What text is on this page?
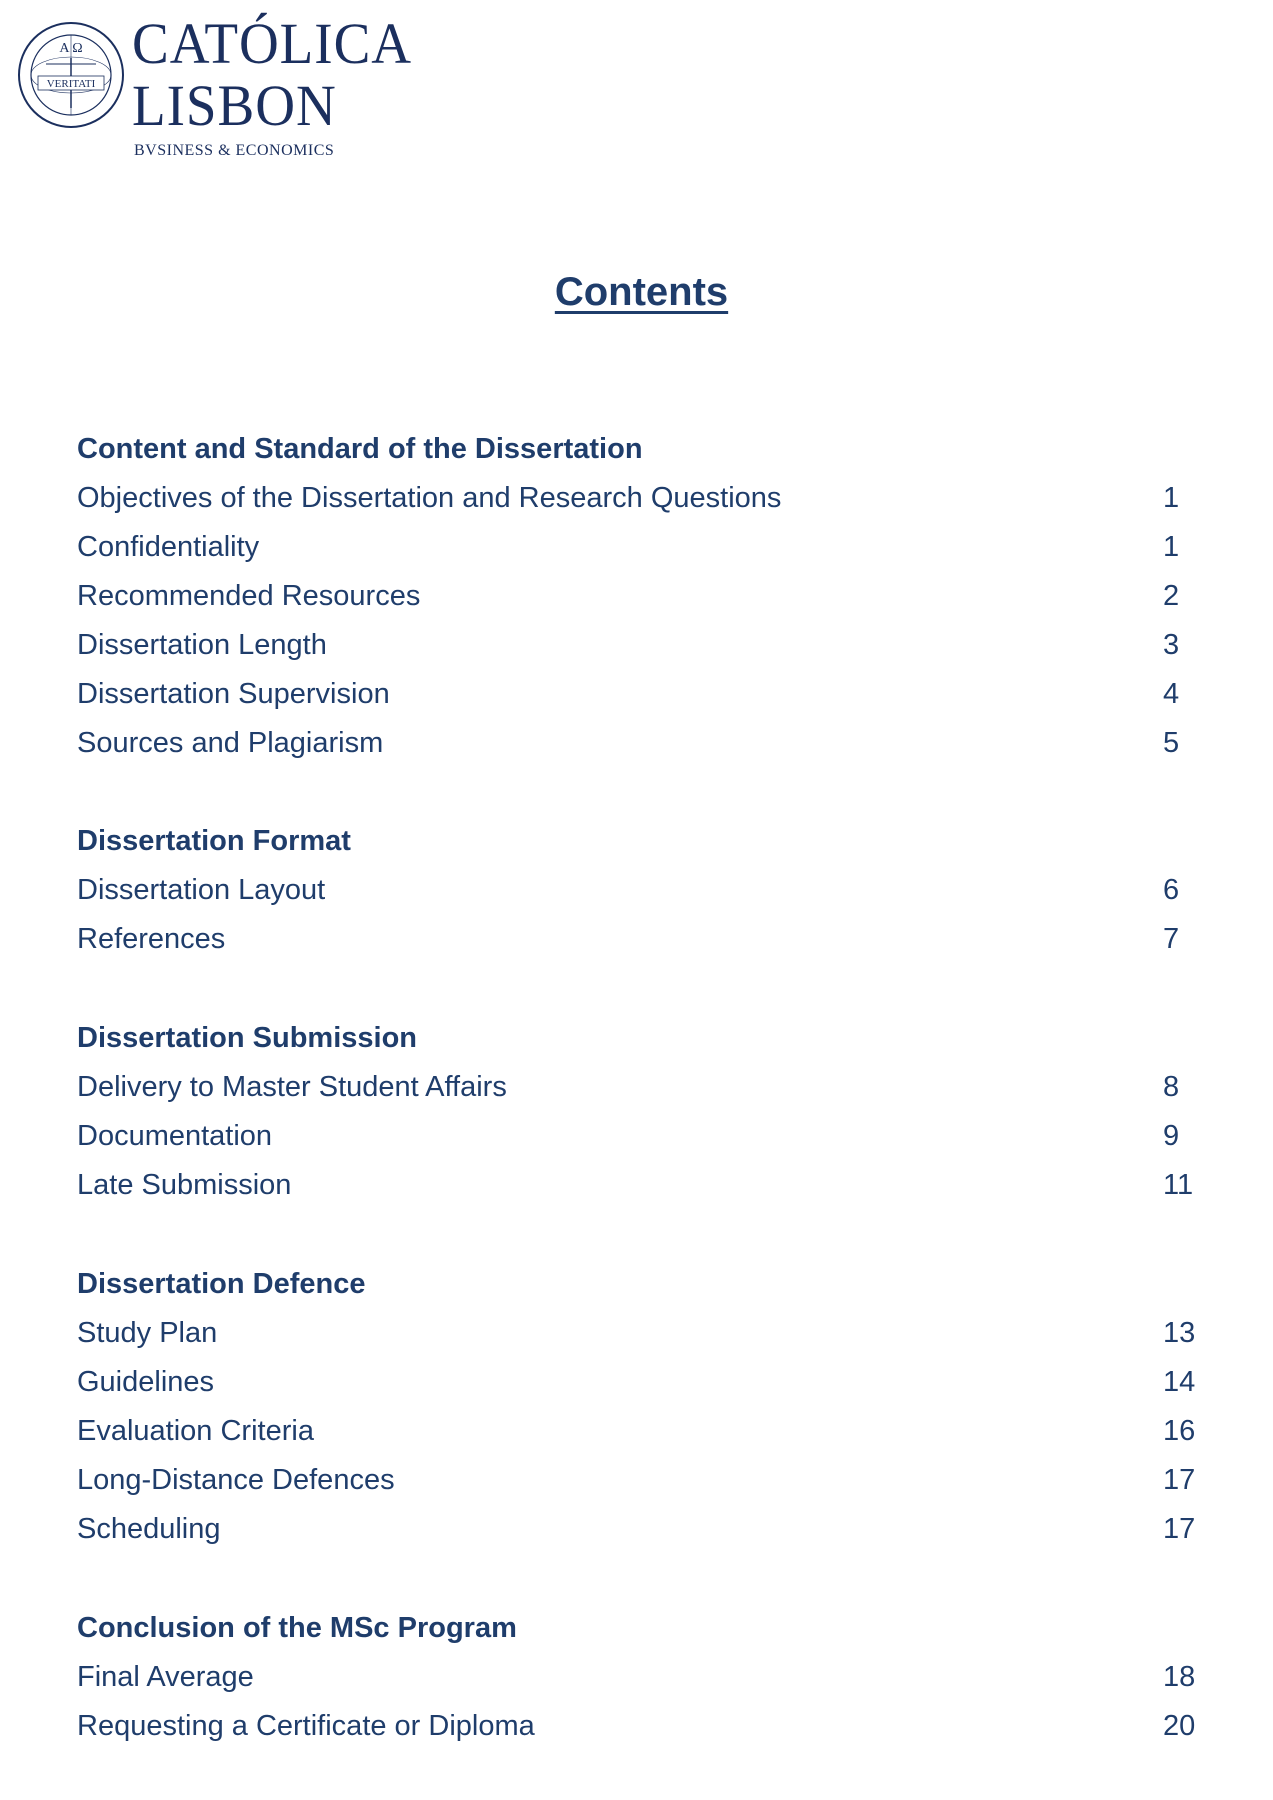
A Ω
VERITATI
CATÓLICA
LISBON
BVSINESS & ECONOMICS
Contents
Content and Standard of the Dissertation
Objectives of the Dissertation and Research Questions	1
Confidentiality	1
Recommended Resources	2
Dissertation Length	3
Dissertation Supervision	4
Sources and Plagiarism	5
Dissertation Format
Dissertation Layout	6
References	7
Dissertation Submission
Delivery to Master Student Affairs	8
Documentation	9
Late Submission	11
Dissertation Defence
Study Plan	13
Guidelines	14
Evaluation Criteria	16
Long-Distance Defences	17
Scheduling	17
Conclusion of the MSc Program
Final Average	18
Requesting a Certificate or Diploma	20
